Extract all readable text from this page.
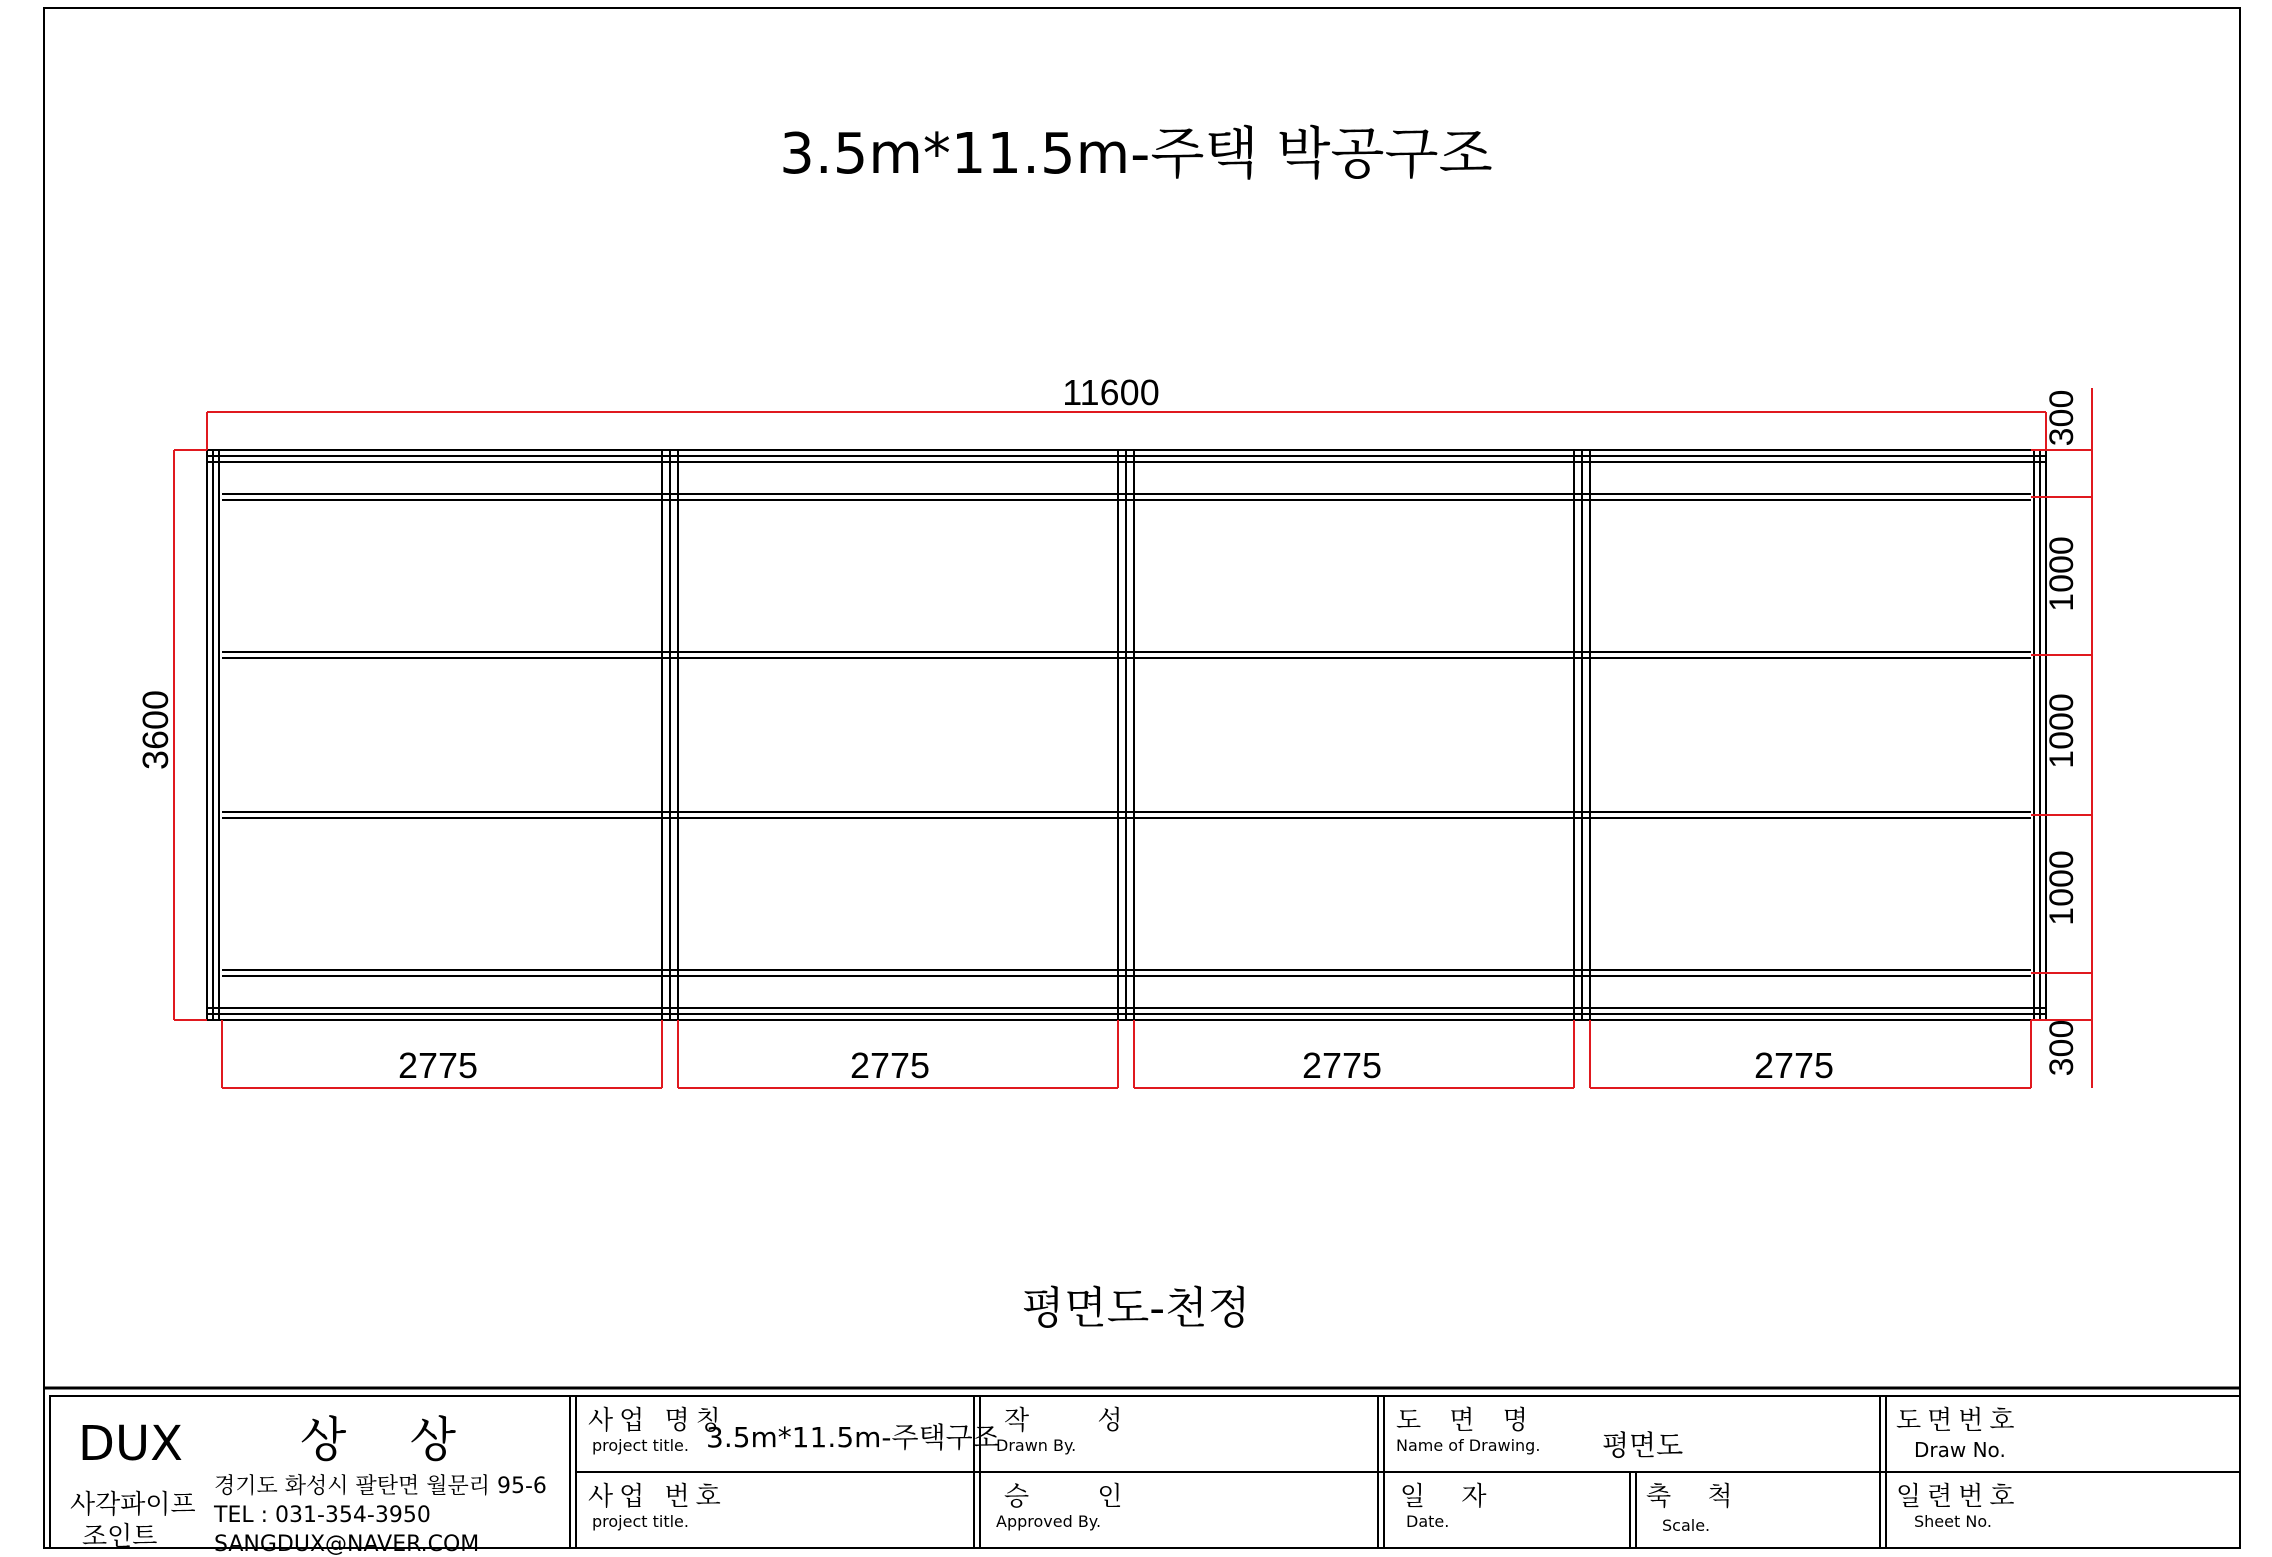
11600
3600
2775	2775	2775	2775
300
1000
1000
1000
300
3.5m*11.5m-주택 박공구조
평면도-천정
DUX 상 상
사각파이프
조인트
경기도 화성시 팔탄면 월문리 95-6
TEL : 031-354-3950
SANGDUX@NAVER.COM
사업 명칭
project title. 3.5m*11.5m-주택구조
사업 번호
project title.
작 성
Drawn By.
승 인
Approved By.
도 면 명
Name of Drawing. 평면도
일 자
Date.
축 척
Scale.
도면번호
Draw No.
일련번호
Sheet No.
